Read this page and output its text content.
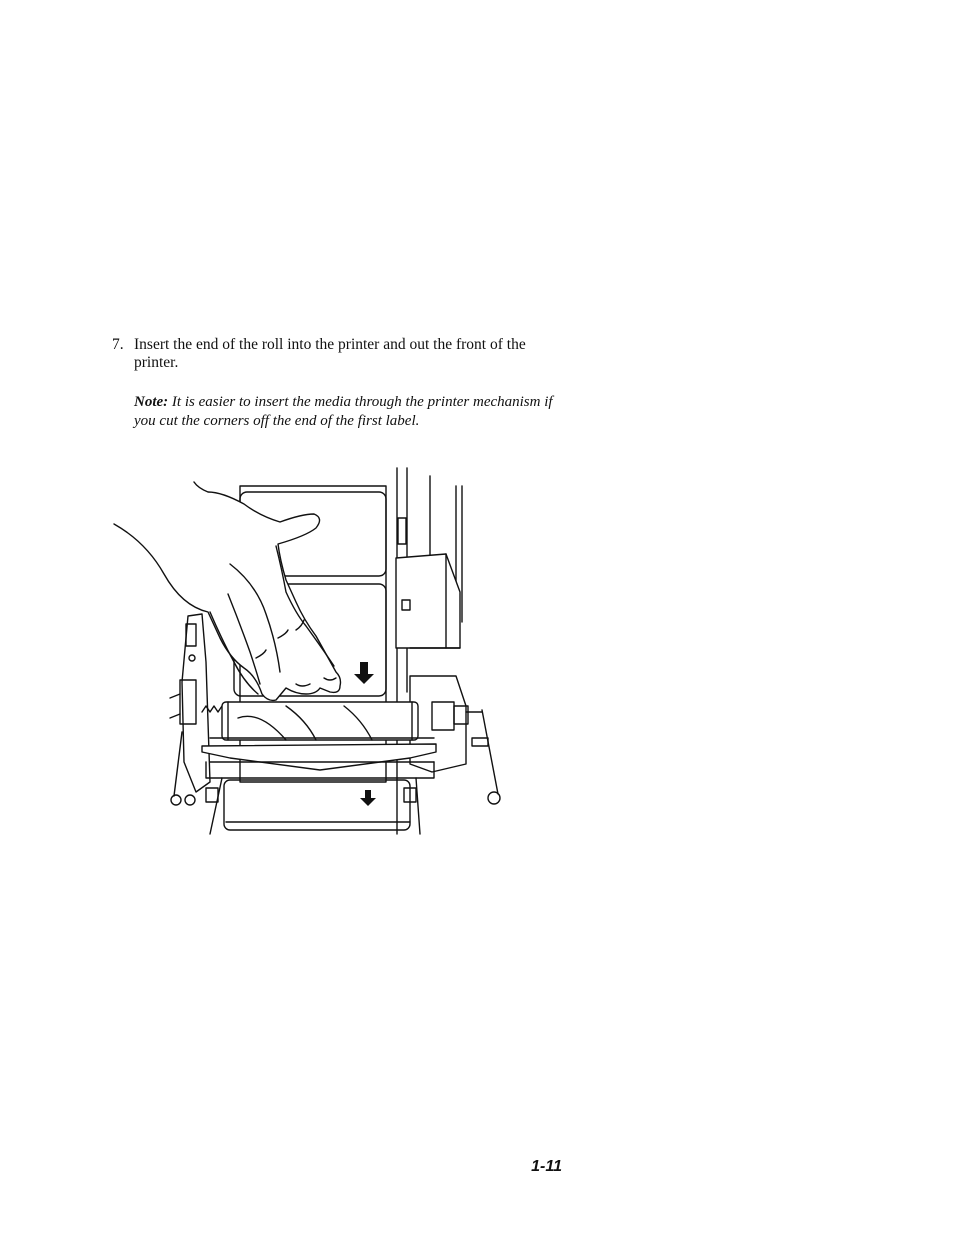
7. Insert the end of the roll into the printer and out the front of the printer.
Note: It is easier to insert the media through the printer mechanism if you cut the corners off the end of the first label.
1-11
